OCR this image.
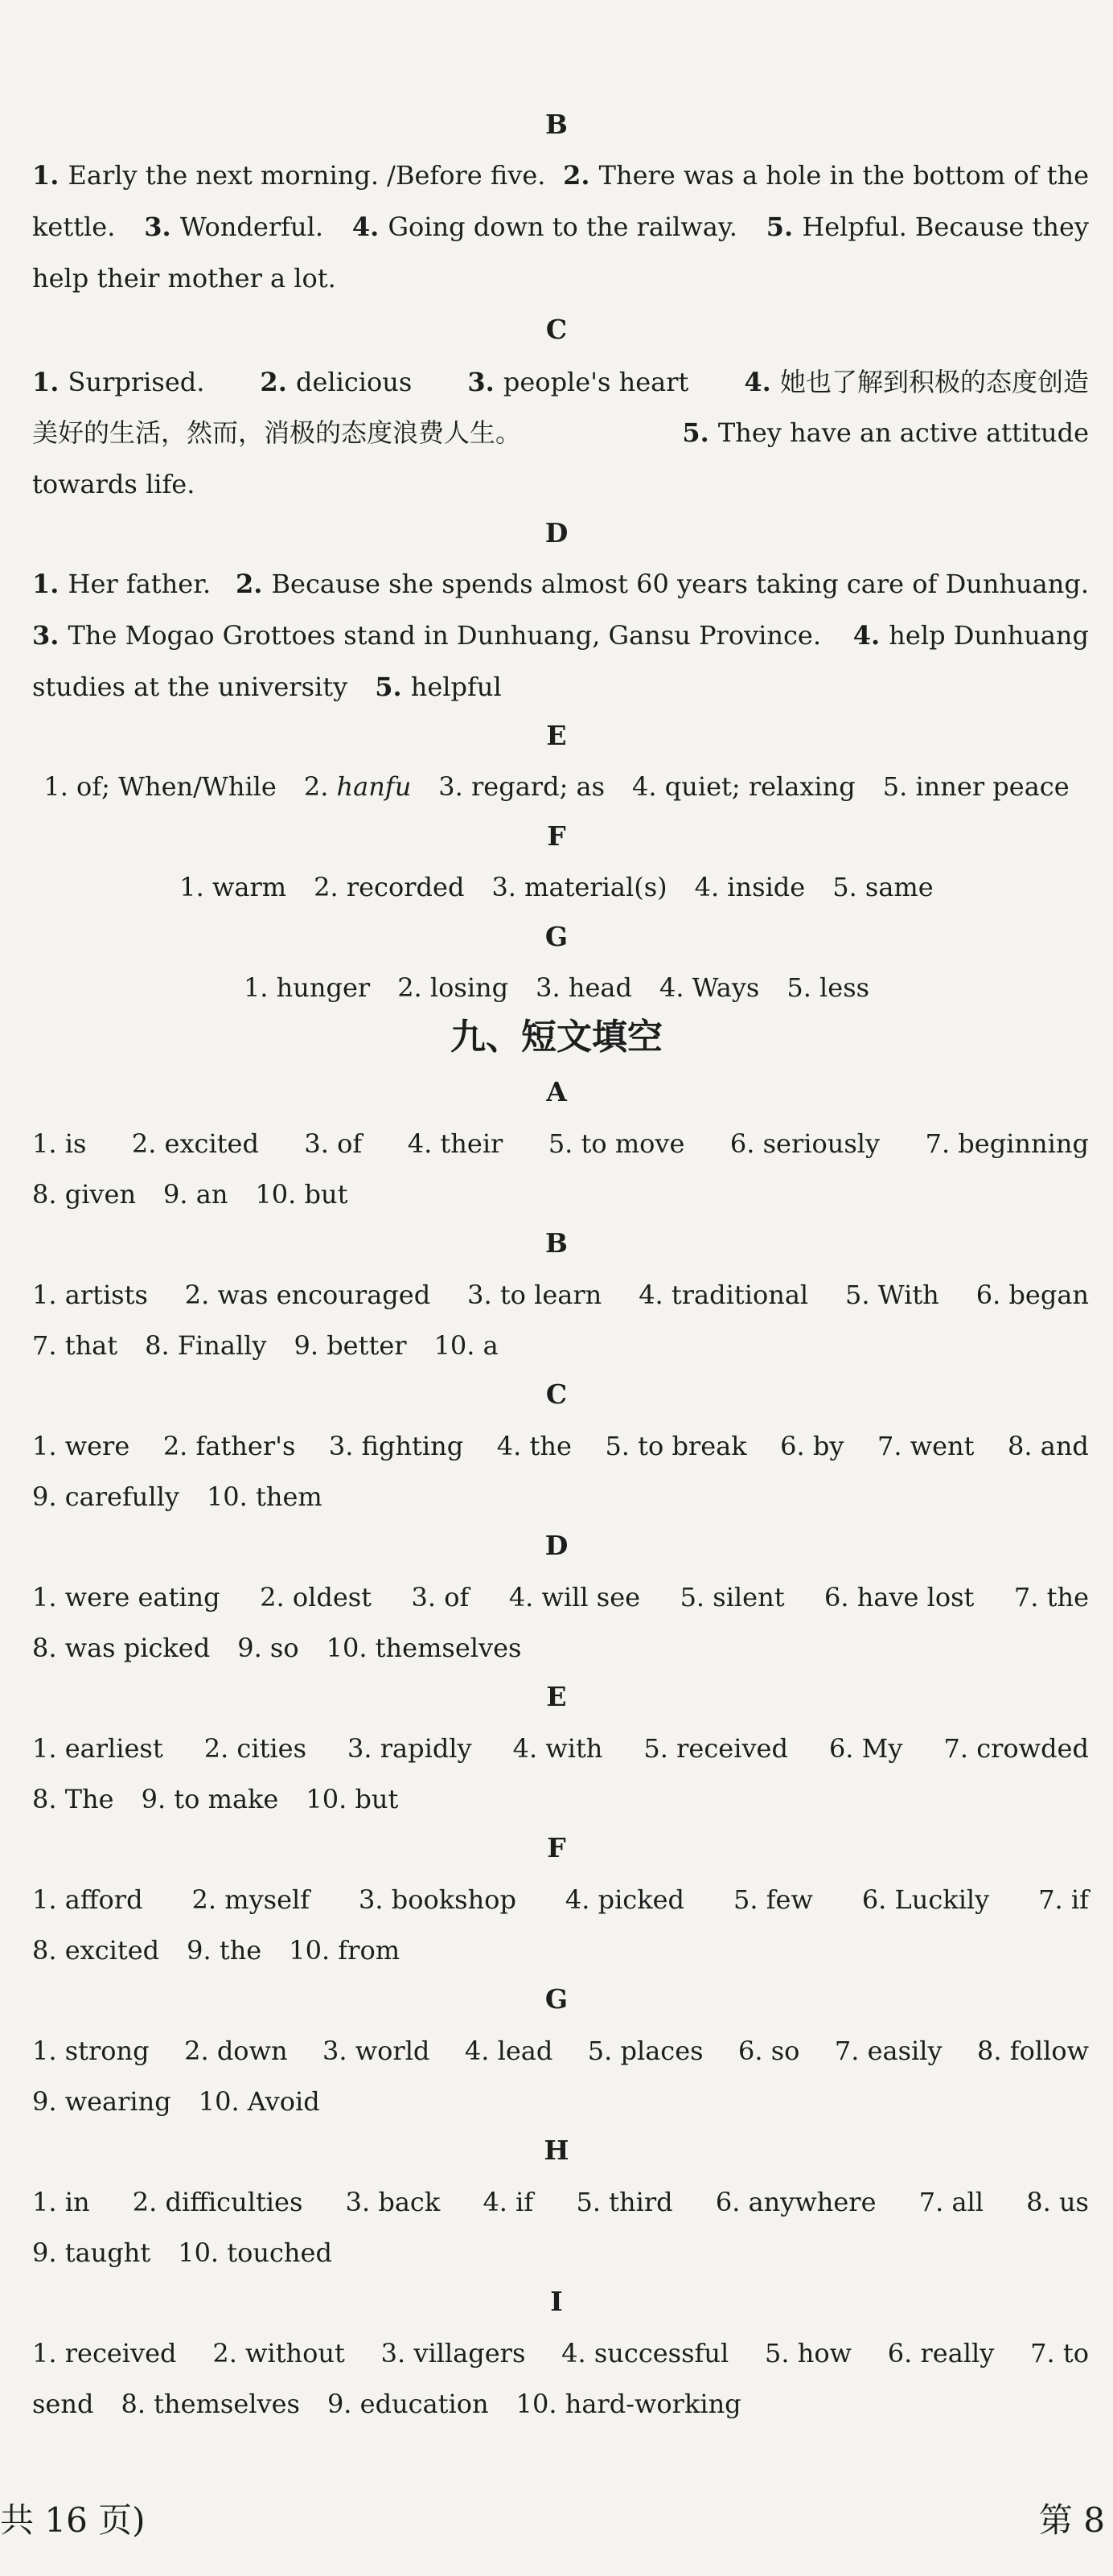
B
1. Early the next morning. /Before five. 2. There was a hole in the bottom of the
kettle. 3. Wonderful. 4. Going down to the railway. 5. Helpful. Because they
help their mother a lot.
C
1. Surprised. 2. delicious 3. people's heart 4. 她也了解到积极的态度创造
美好的生活，然而，消极的态度浪费人生。	5. They have an active attitude
towards life.
D
1. Her father. 2. Because she spends almost 60 years taking care of Dunhuang.
3. The Mogao Grottoes stand in Dunhuang, Gansu Province. 4. help Dunhuang
studies at the university 5. helpful
E
1. of; When/While 2. hanfu 3. regard; as 4. quiet; relaxing 5. inner peace
F
1. warm 2. recorded 3. material(s) 4. inside 5. same
G
1. hunger 2. losing 3. head 4. Ways 5. less
九、短文填空
A
1. is 2. excited 3. of 4. their 5. to move 6. seriously 7. beginning
8. given 9. an 10. but
B
1. artists 2. was encouraged 3. to learn 4. traditional 5. With 6. began
7. that 8. Finally 9. better 10. a
C
1. were 2. father's 3. fighting 4. the 5. to break 6. by 7. went 8. and
9. carefully 10. them
D
1. were eating 2. oldest 3. of 4. will see 5. silent 6. have lost 7. the
8. was picked 9. so 10. themselves
E
1. earliest 2. cities 3. rapidly 4. with 5. received 6. My 7. crowded
8. The 9. to make 10. but
F
1. afford 2. myself 3. bookshop 4. picked 5. few 6. Luckily 7. if
8. excited 9. the 10. from
G
1. strong 2. down 3. world 4. lead 5. places 6. so 7. easily 8. follow
9. wearing 10. Avoid
H
1. in 2. difficulties 3. back 4. if 5. third 6. anywhere 7. all 8. us
9. taught 10. touched
I
1. received 2. without 3. villagers 4. successful 5. how 6. really 7. to
send 8. themselves 9. education 10. hard-working
共 16 页)	第 8
